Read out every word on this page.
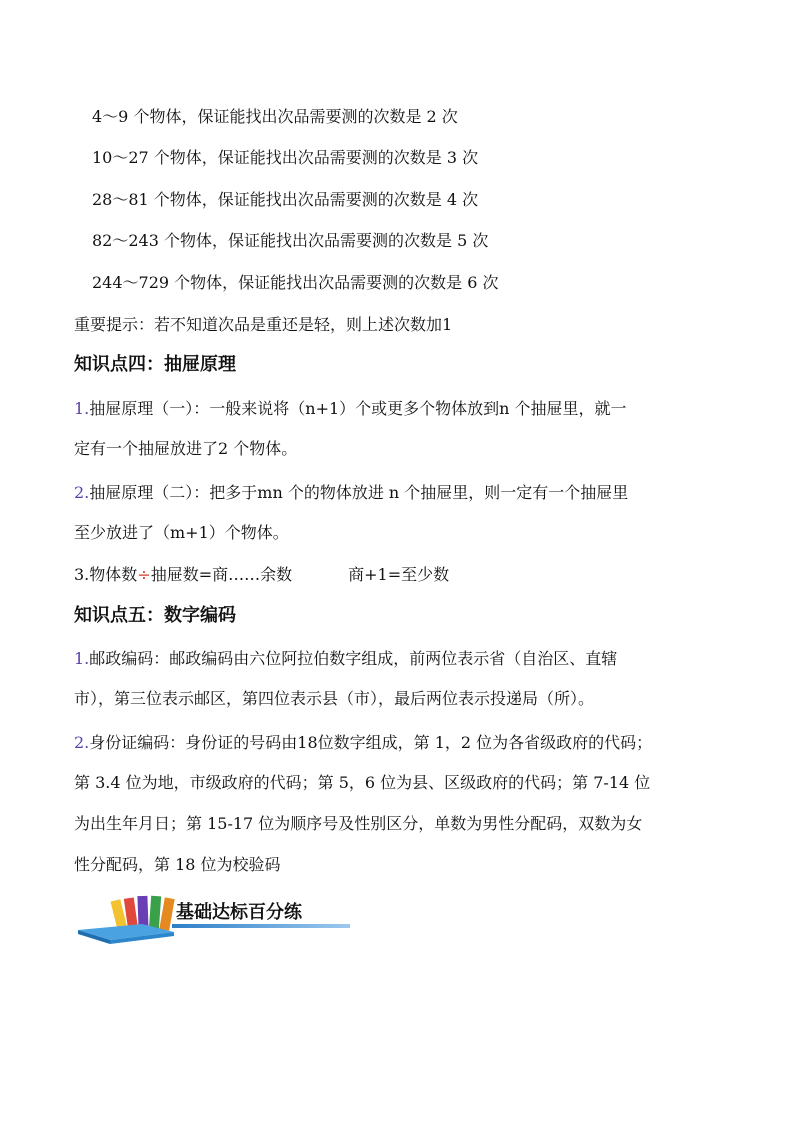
4～9 个物体，保证能找出次品需要测的次数是 2 次
10～27 个物体，保证能找出次品需要测的次数是 3 次
28～81 个物体，保证能找出次品需要测的次数是 4 次
82～243 个物体，保证能找出次品需要测的次数是 5 次
244～729 个物体，保证能找出次品需要测的次数是 6 次
重要提示：若不知道次品是重还是轻，则上述次数加1
知识点四：抽屉原理
1.抽屉原理（一）：一般来说将（n+1）个或更多个物体放到n 个抽屉里，就一
定有一个抽屉放进了2 个物体。
2.抽屉原理（二）：把多于mn 个的物体放进 n 个抽屉里，则一定有一个抽屉里
至少放进了（m+1）个物体。
3.物体数÷抽屉数=商……余数	商+1=至少数
知识点五：数字编码
1.邮政编码：邮政编码由六位阿拉伯数字组成，前两位表示省（自治区、直辖
市），第三位表示邮区，第四位表示县（市），最后两位表示投递局（所）。
2.身份证编码：身份证的号码由18位数字组成，第 1，2 位为各省级政府的代码；
第 3.4 位为地，市级政府的代码；第 5，6 位为县、区级政府的代码；第 7-14 位
为出生年月日；第 15-17 位为顺序号及性别区分，单数为男性分配码，双数为女
性分配码，第 18 位为校验码
基础达标百分练
